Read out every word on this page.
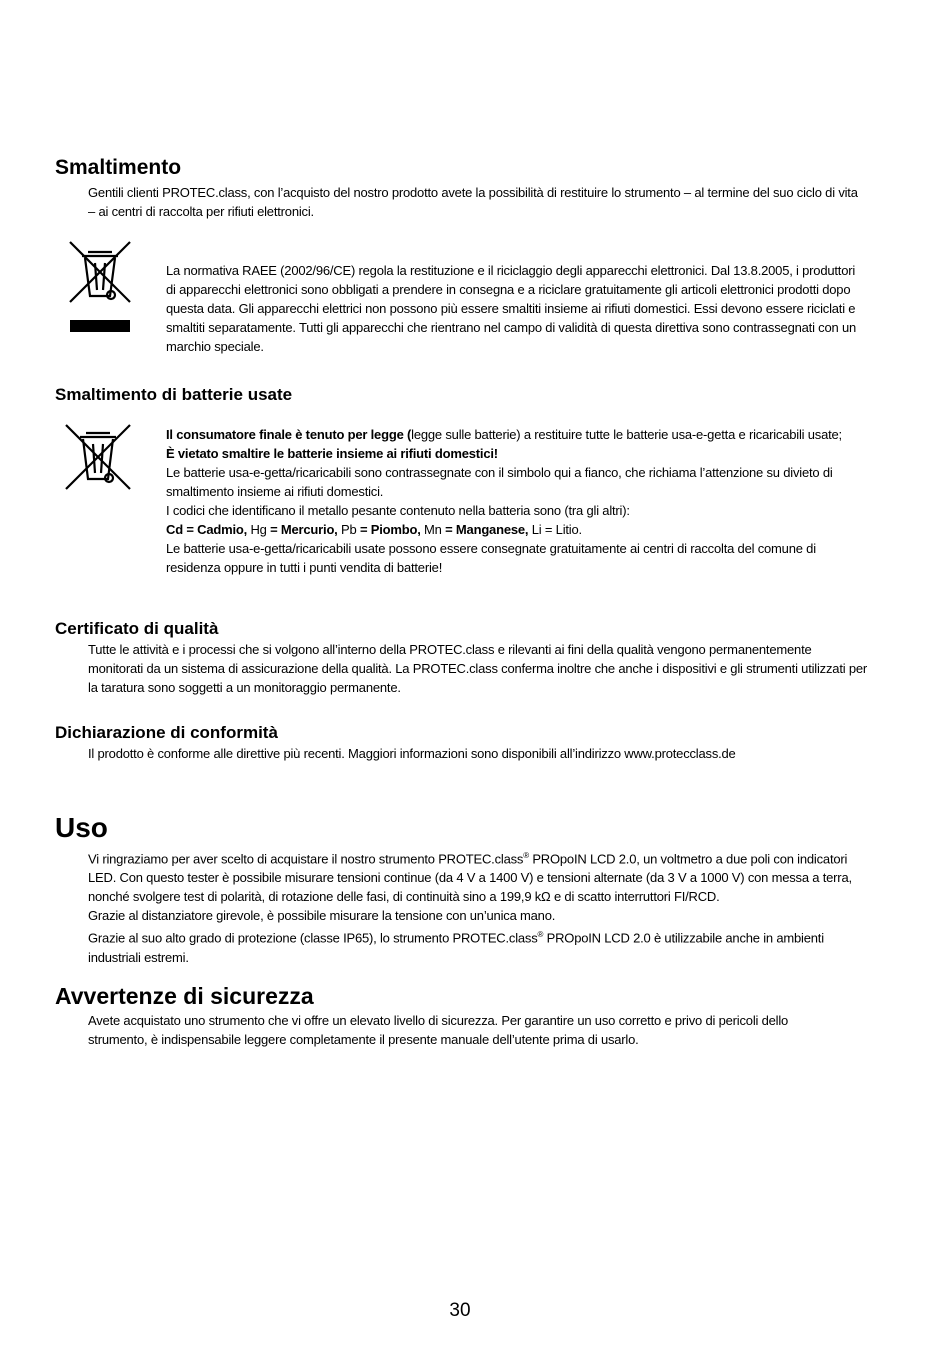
Smaltimento

Gentili clienti PROTEC.class, con l’acquisto del nostro prodotto avete la possibilità di restituire lo strumento – al termine del suo ciclo di vita – ai centri di raccolta per rifiuti elettronici.

La normativa RAEE (2002/96/CE) regola la restituzione e il riciclaggio degli apparecchi elettronici. Dal 13.8.2005, i produttori di apparecchi elettronici sono obbligati a prendere in consegna e a riciclare gratuitamente gli articoli elettronici prodotti dopo questa data. Gli apparecchi elettrici non possono più essere smaltiti insieme ai rifiuti domestici. Essi devono essere riciclati e smaltiti separatamente. Tutti gli apparecchi che rientrano nel campo di validità di questa direttiva sono contrassegnati con un marchio speciale.

Smaltimento di batterie usate

Il consumatore finale è tenuto per legge (legge sulle batterie) a restituire tutte le batterie usa-e-getta e ricaricabili usate;

È vietato smaltire le batterie insieme ai rifiuti domestici!

Le batterie usa-e-getta/ricaricabili sono contrassegnate con il simbolo qui a fianco, che richiama l’attenzione su divieto di smaltimento insieme ai rifiuti domestici.

I codici che identificano il metallo pesante contenuto nella batteria sono (tra gli altri):

Cd = Cadmio, Hg = Mercurio, Pb = Piombo, Mn = Manganese, Li = Litio.

Le batterie usa-e-getta/ricaricabili usate possono essere consegnate gratuitamente ai centri di raccolta del comune di residenza oppure in tutti i punti vendita di batterie!

Certificato di qualità

Tutte le attività e i processi che si volgono all’interno della PROTEC.class e rilevanti ai fini della qualità vengono permanentemente monitorati da un sistema di assicurazione della qualità. La PROTEC.class conferma inoltre che anche i dispositivi e gli strumenti utilizzati per la taratura sono soggetti a un monitoraggio permanente.

Dichiarazione di conformità

Il prodotto è conforme alle direttive più recenti. Maggiori informazioni sono disponibili all’indirizzo www.protecclass.de

Uso

Vi ringraziamo per aver scelto di acquistare il nostro strumento PROTEC.class® PROpoIN LCD 2.0, un voltmetro a due poli con indicatori LED. Con questo tester è possibile misurare tensioni continue (da 4 V a 1400 V) e tensioni alternate (da 3 V a 1000 V) con messa a terra, nonché svolgere test di polarità, di rotazione delle fasi, di continuità sino a 199,9 kΩ e di scatto interruttori FI/RCD.

Grazie al distanziatore girevole, è possibile misurare la tensione con un’unica mano.

Grazie al suo alto grado di protezione (classe IP65), lo strumento PROTEC.class® PROpoIN LCD 2.0 è utilizzabile anche in ambienti industriali estremi.

Avvertenze di sicurezza

Avete acquistato uno strumento che vi offre un elevato livello di sicurezza. Per garantire un uso corretto e privo di pericoli dello strumento, è indispensabile leggere completamente il presente manuale dell’utente prima di usarlo.

30
